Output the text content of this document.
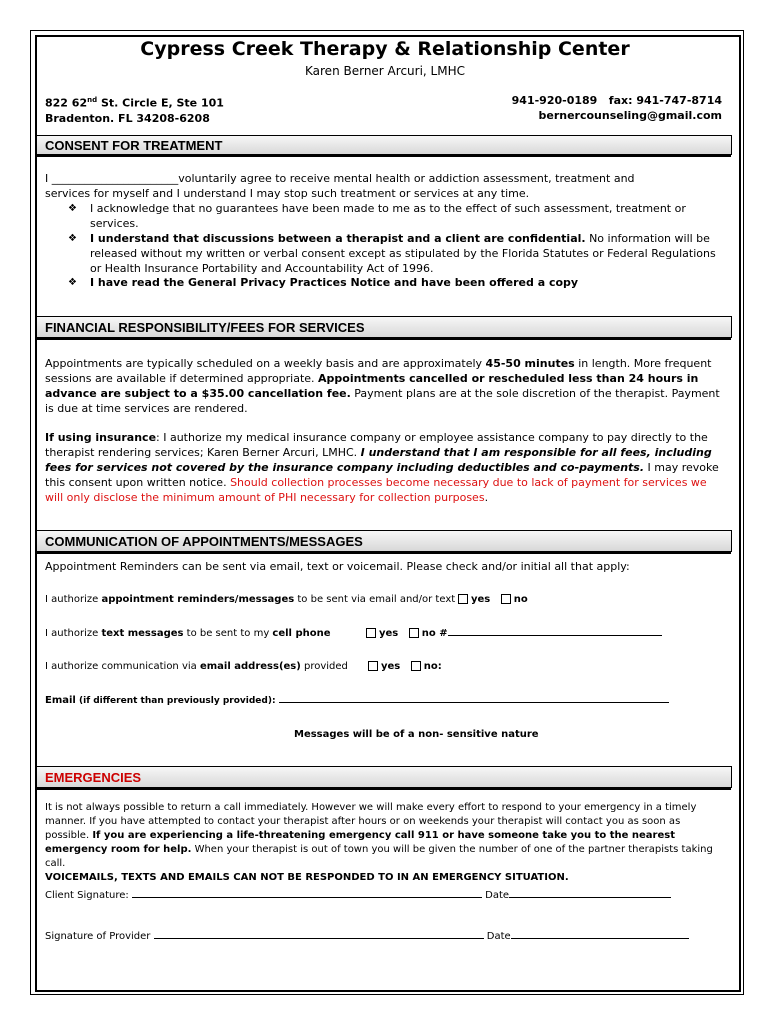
Cypress Creek Therapy & Relationship Center
Karen Berner Arcuri, LMHC
822 62nd St. Circle E, Ste 101
Bradenton. FL 34208-6208
941-920-0189   fax: 941-747-8714
bernercounseling@gmail.com
CONSENT FOR TREATMENT
I _______________________voluntarily agree to receive mental health or addiction assessment, treatment and
services for myself and I understand I may stop such treatment or services at any time.
❖ I acknowledge that no guarantees have been made to me as to the effect of such assessment, treatment or services.
❖ I understand that discussions between a therapist and a client are confidential. No information will be released without my written or verbal consent except as stipulated by the Florida Statutes or Federal Regulations or Health Insurance Portability and Accountability Act of 1996.
❖ I have read the General Privacy Practices Notice and have been offered a copy
FINANCIAL RESPONSIBILITY/FEES FOR SERVICES
Appointments are typically scheduled on a weekly basis and are approximately 45-50 minutes in length. More frequent sessions are available if determined appropriate. Appointments cancelled or rescheduled less than 24 hours in advance are subject to a $35.00 cancellation fee. Payment plans are at the sole discretion of the therapist. Payment is due at time services are rendered.
If using insurance: I authorize my medical insurance company or employee assistance company to pay directly to the therapist rendering services; Karen Berner Arcuri, LMHC. I understand that I am responsible for all fees, including fees for services not covered by the insurance company including deductibles and co-payments. I may revoke this consent upon written notice. Should collection processes become necessary due to lack of payment for services we will only disclose the minimum amount of PHI necessary for collection purposes.
COMMUNICATION OF APPOINTMENTS/MESSAGES
Appointment Reminders can be sent via email, text or voicemail. Please check and/or initial all that apply:
I authorize appointment reminders/messages to be sent via email and/or text	yes no
I authorize text messages to be sent to my cell phone	yes no #
I authorize communication via email address(es) provided	yes no:
Email (if different than previously provided):
Messages will be of a non- sensitive nature
EMERGENCIES
It is not always possible to return a call immediately. However we will make every effort to respond to your emergency in a timely manner. If you have attempted to contact your therapist after hours or on weekends your therapist will contact you as soon as possible. If you are experiencing a life-threatening emergency call 911 or have someone take you to the nearest emergency room for help. When your therapist is out of town you will be given the number of one of the partner therapists taking call.
VOICEMAILS, TEXTS AND EMAILS CAN NOT BE RESPONDED TO IN AN EMERGENCY SITUATION.
Client Signature:	Date
Signature of Provider	Date
